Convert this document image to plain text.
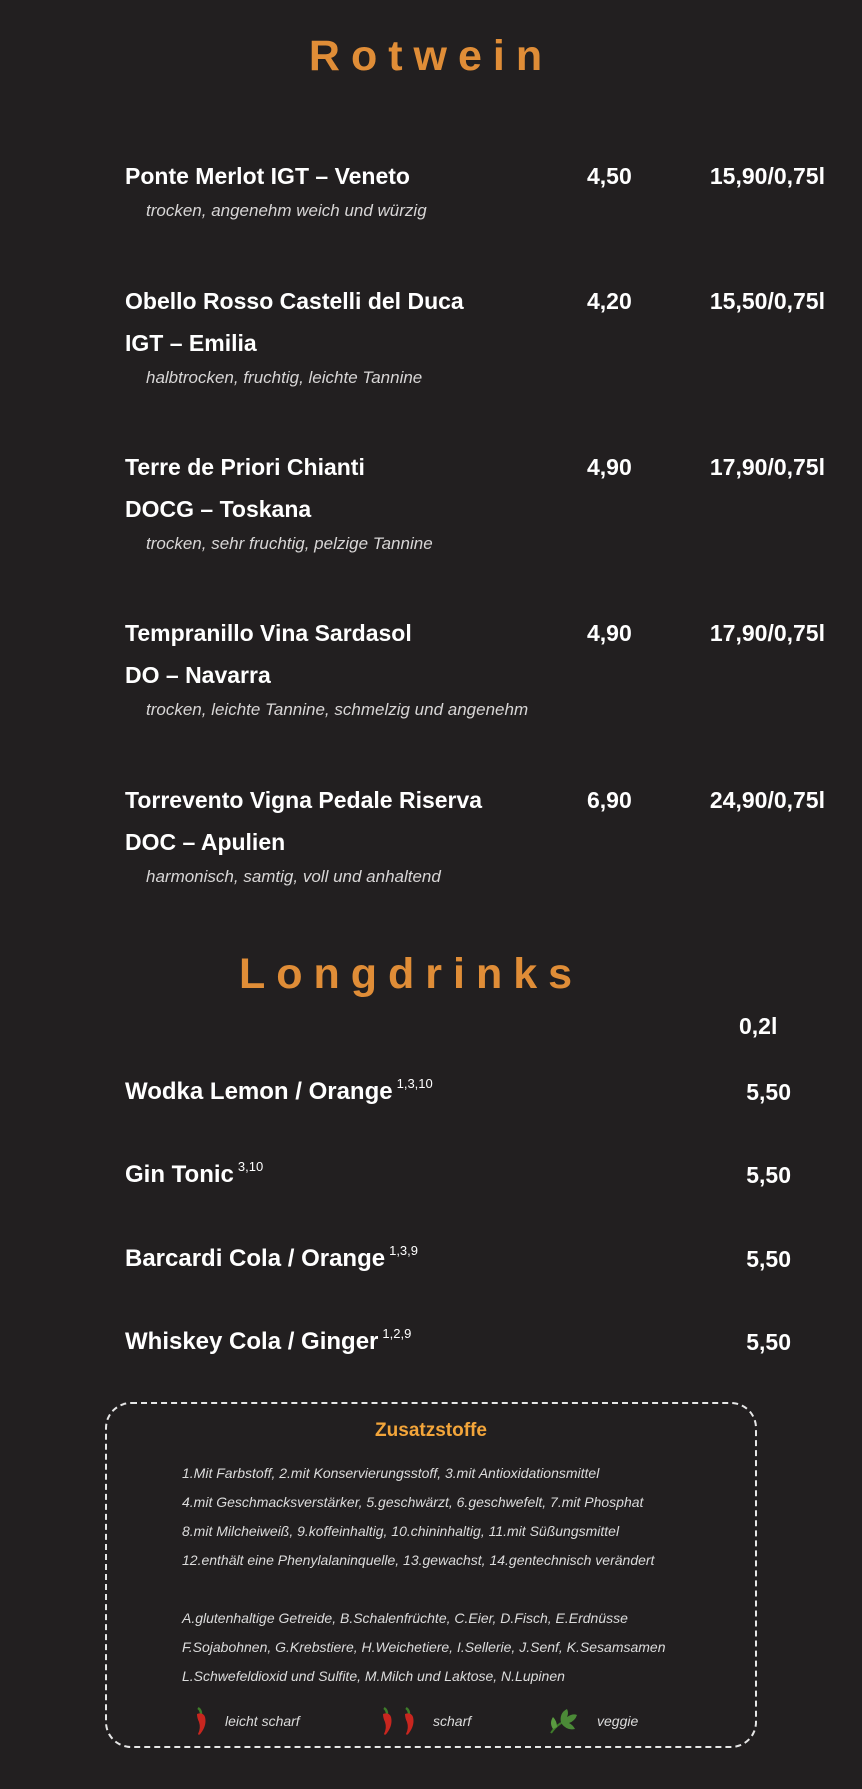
Rotwein
Ponte Merlot IGT – Veneto	4,50	15,90/0,75l
trocken, angenehm weich und würzig
Obello Rosso Castelli del Duca
IGT – Emilia
4,20	15,50/0,75l
halbtrocken, fruchtig, leichte Tannine
Terre de Priori Chianti
DOCG – Toskana
4,90	17,90/0,75l
trocken, sehr fruchtig, pelzige Tannine
Tempranillo Vina Sardasol
DO – Navarra
4,90	17,90/0,75l
trocken, leichte Tannine, schmelzig und angenehm
Torrevento Vigna Pedale Riserva
DOC – Apulien
6,90	24,90/0,75l
harmonisch, samtig, voll und anhaltend
Longdrinks
0,2l
Wodka Lemon / Orange $^{1,3,10}$	5,50
Gin Tonic $^{3,10}$	5,50
Barcardi Cola / Orange $^{1,3,9}$	5,50
Whiskey Cola / Ginger $^{1,2,9}$	5,50
Zusatzstoffe
1.Mit Farbstoff, 2.mit Konservierungsstoff, 3.mit Antioxidationsmittel
4.mit Geschmacksverstärker, 5.geschwärzt, 6.geschwefelt, 7.mit Phosphat
8.mit Milcheiweiß, 9.koffeinhaltig, 10.chininhaltig, 11.mit Süßungsmittel
12.enthält eine Phenylalaninquelle, 13.gewachst, 14.gentechnisch verändert
A.glutenhaltige Getreide, B.Schalenfrüchte, C.Eier, D.Fisch, E.Erdnüsse
F.Sojabohnen, G.Krebstiere, H.Weichetiere, I.Sellerie, J.Senf, K.Sesamsamen
L.Schwefeldioxid und Sulfite, M.Milch und Laktose, N.Lupinen
leicht scharf	scharf	veggie
